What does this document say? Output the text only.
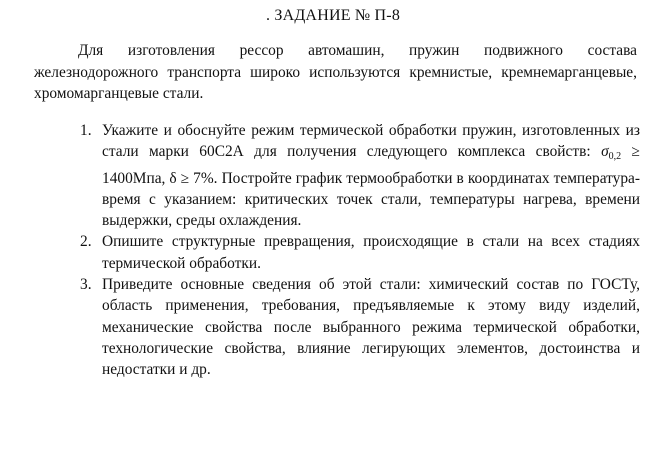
. ЗАДАНИЕ № П-8

Для изготовления рессор автомашин, пружин подвижного состава железнодорожного транспорта широко используются кремнистые, кремнемарганцевые, хромомарганцевые стали.

1. Укажите и обоснуйте режим термической обработки пружин, изготовленных из стали марки 60С2А для получения следующего комплекса свойств: σ0,2 ≥ 1400Мпа, δ ≥ 7%. Постройте график термообработки в координатах температура-время с указанием: критических точек стали, температуры нагрева, времени выдержки, среды охлаждения.
2. Опишите структурные превращения, происходящие в стали на всех стадиях термической обработки.
3. Приведите основные сведения об этой стали: химический состав по ГОСТу, область применения, требования, предъявляемые к этому виду изделий, механические свойства после выбранного режима термической обработки, технологические свойства, влияние легирующих элементов, достоинства и недостатки и др.
